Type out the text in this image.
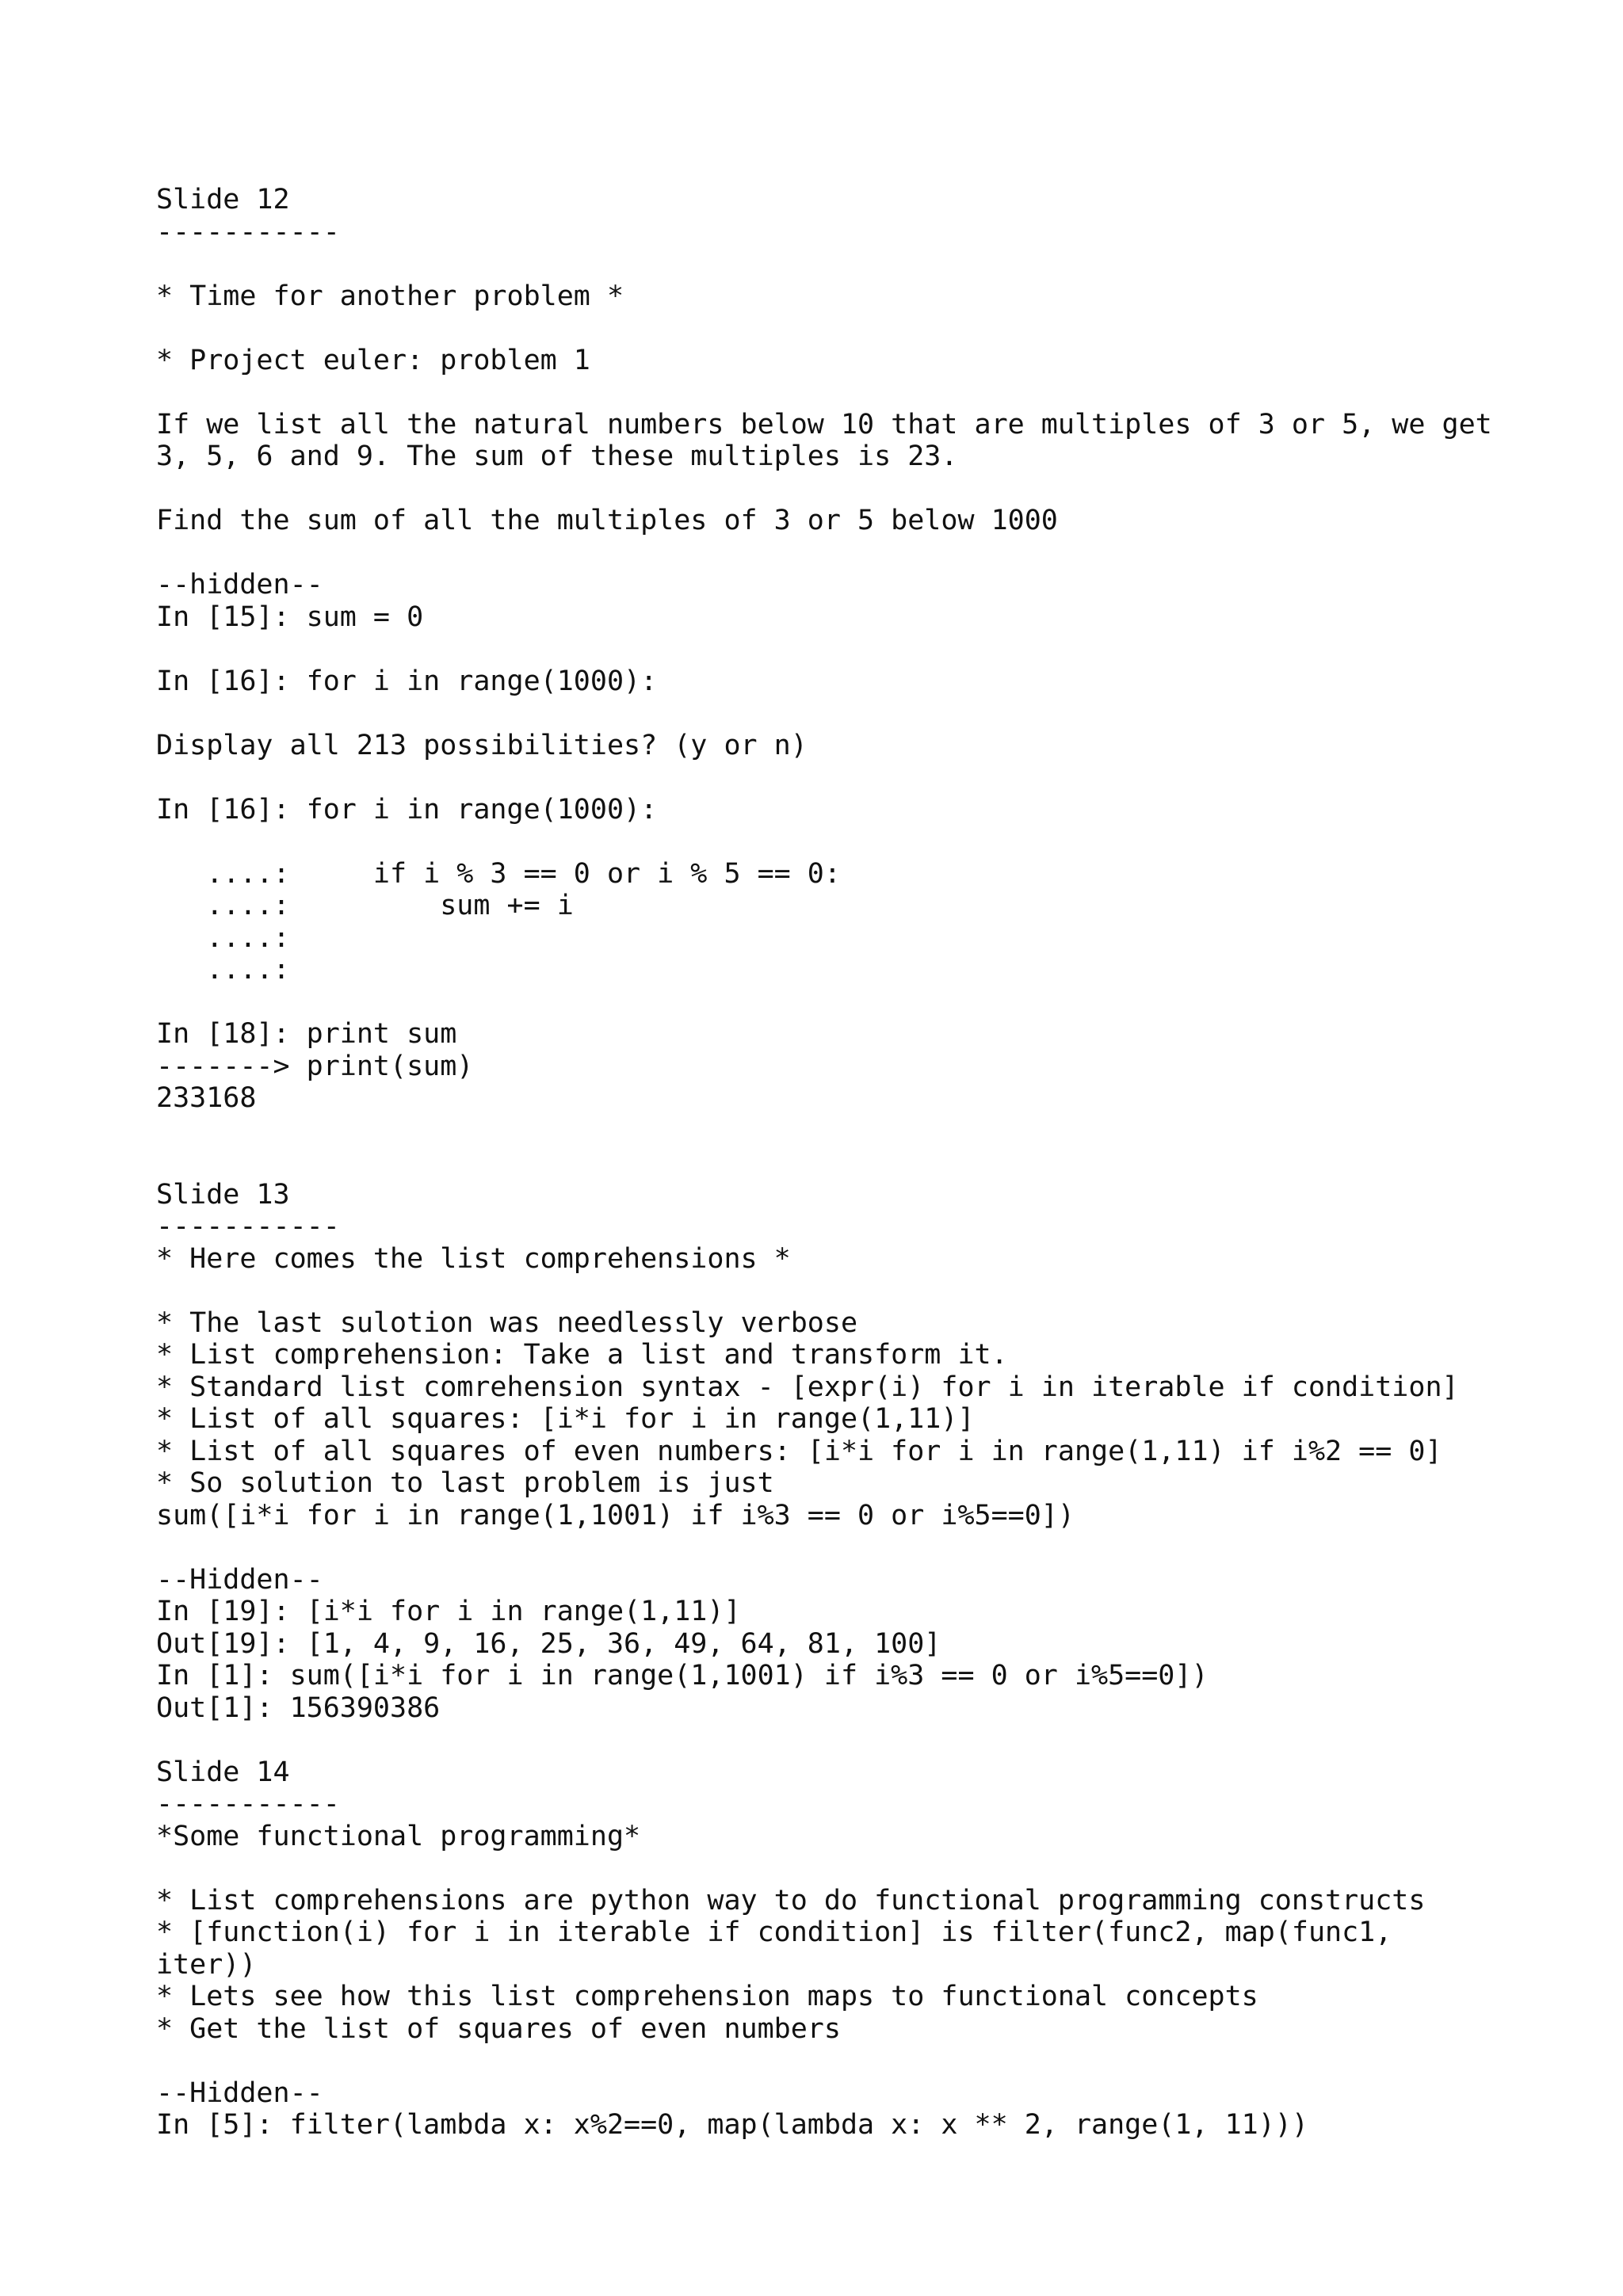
Slide 12
-----------
* Time for another problem *
* Project euler: problem 1
If we list all the natural numbers below 10 that are multiples of 3 or 5, we get
3, 5, 6 and 9. The sum of these multiples is 23.
Find the sum of all the multiples of 3 or 5 below 1000
--hidden--
In [15]: sum = 0
In [16]: for i in range(1000):
Display all 213 possibilities? (y or n)
In [16]: for i in range(1000):
....:     if i % 3 == 0 or i % 5 == 0:
....:         sum += i
....:
....:
In [18]: print sum
-------> print(sum)
233168
Slide 13
-----------
* Here comes the list comprehensions *
* The last sulotion was needlessly verbose
* List comprehension: Take a list and transform it.
* Standard list comrehension syntax - [expr(i) for i in iterable if condition]
* List of all squares: [i*i for i in range(1,11)]
* List of all squares of even numbers: [i*i for i in range(1,11) if i%2 == 0]
* So solution to last problem is just
sum([i*i for i in range(1,1001) if i%3 == 0 or i%5==0])
--Hidden--
In [19]: [i*i for i in range(1,11)]
Out[19]: [1, 4, 9, 16, 25, 36, 49, 64, 81, 100]
In [1]: sum([i*i for i in range(1,1001) if i%3 == 0 or i%5==0])
Out[1]: 156390386
Slide 14
-----------
*Some functional programming*
* List comprehensions are python way to do functional programming constructs
* [function(i) for i in iterable if condition] is filter(func2, map(func1,
iter))
* Lets see how this list comprehension maps to functional concepts
* Get the list of squares of even numbers
--Hidden--
In [5]: filter(lambda x: x%2==0, map(lambda x: x ** 2, range(1, 11)))
